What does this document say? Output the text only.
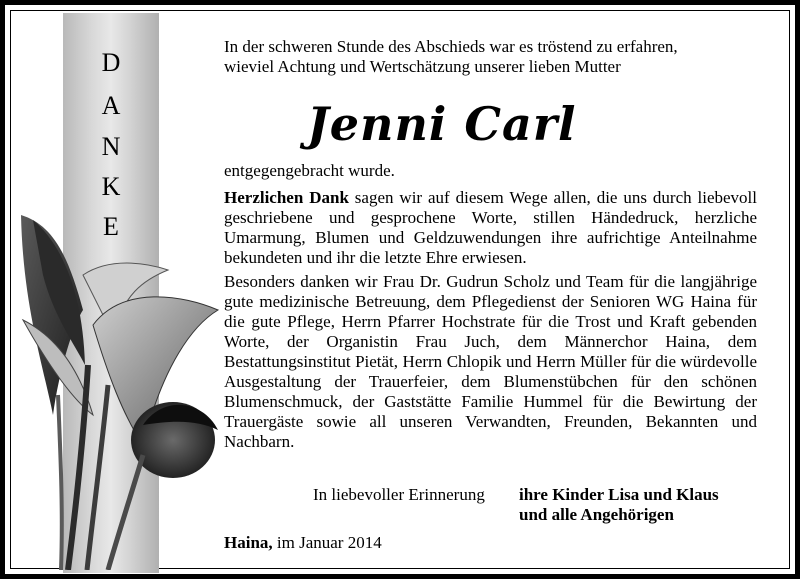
D
A
N
K
E
In der schweren Stunde des Abschieds war es tröstend zu erfahren,
wieviel Achtung und Wertschätzung unserer lieben Mutter
entgegengebracht wurde.
Herzlichen Dank sagen wir auf diesem Wege allen, die uns durch liebevoll geschriebene und gesprochene Worte, stillen Händedruck, herzliche Umarmung, Blumen und Geldzuwendungen ihre aufrichtige Anteilnahme bekundeten und ihr die letzte Ehre erwiesen.
Besonders danken wir Frau Dr. Gudrun Scholz und Team für die langjährige gute medizinische Betreuung, dem Pflegedienst der Senioren WG Haina für die gute Pflege, Herrn Pfarrer Hochstrate für die Trost und Kraft gebenden Worte, der Organistin Frau Juch, dem Männerchor Haina, dem Bestattungsinstitut Pietät, Herrn Chlopik und Herrn Müller für die würdevolle Ausgestaltung der Trauerfeier, dem Blumenstübchen für den schönen Blumenschmuck, der Gaststätte Familie Hummel für die Bewirtung der Trauergäste sowie all unseren Verwandten, Freunden, Bekannten und Nachbarn.
In liebevoller Erinnerung ihre Kinder Lisa und Klaus
und alle Angehörigen
Haina, im Januar 2014
Jenni Carl
